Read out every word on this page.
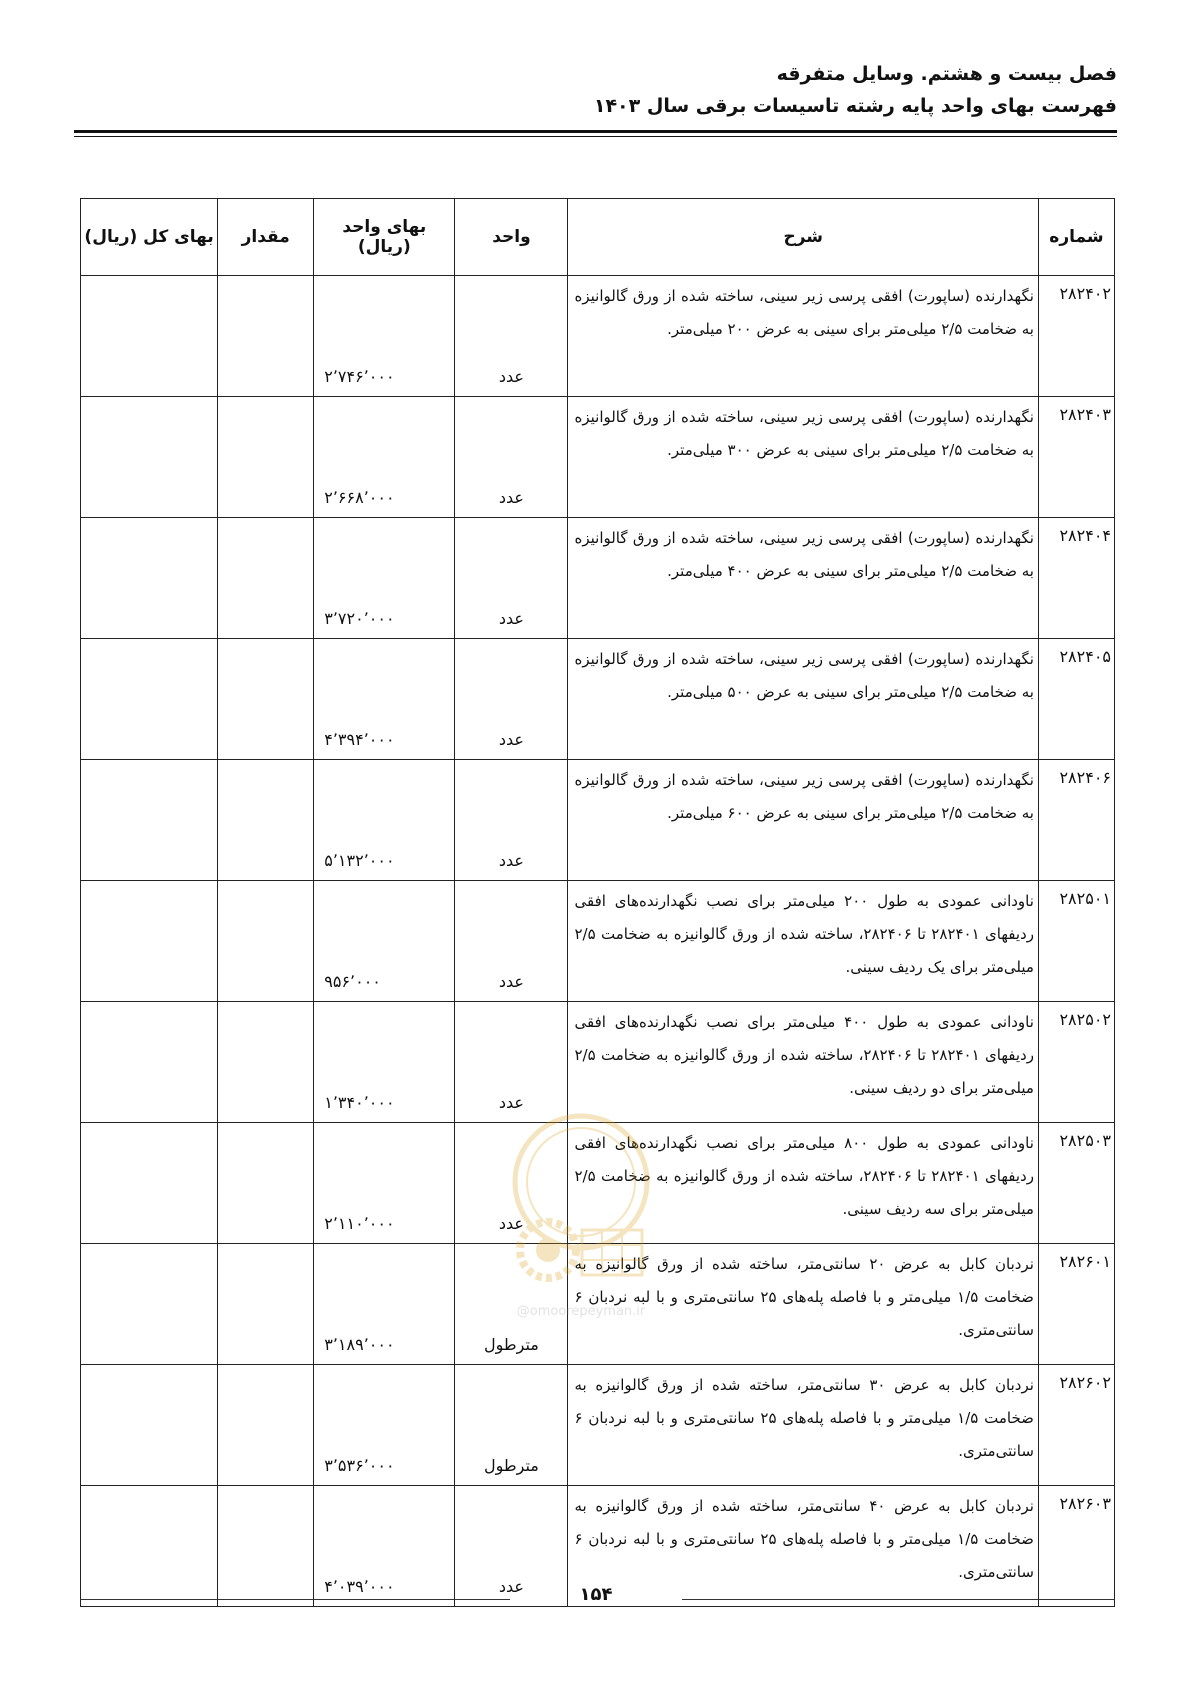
فصل بیست و هشتم. وسایل متفرقه
فهرست بهای واحد پایه رشته تاسیسات برقی سال ۱۴۰۳
شماره	شرح	واحد	بهای واحد (ریال)	مقدار	بهای کل (ریال)
۲۸۲۴۰۲	نگهدارنده (ساپورت) افقی پرسی زیر سینی، ساخته شده از ورق گالوانیزه به ضخامت ۲/۵ میلی‌متر برای سینی به عرض ۲۰۰ میلی‌متر.	عدد	۲٬۷۴۶٬۰۰۰		
۲۸۲۴۰۳	نگهدارنده (ساپورت) افقی پرسی زیر سینی، ساخته شده از ورق گالوانیزه به ضخامت ۲/۵ میلی‌متر برای سینی به عرض ۳۰۰ میلی‌متر.	عدد	۲٬۶۶۸٬۰۰۰		
۲۸۲۴۰۴	نگهدارنده (ساپورت) افقی پرسی زیر سینی، ساخته شده از ورق گالوانیزه به ضخامت ۲/۵ میلی‌متر برای سینی به عرض ۴۰۰ میلی‌متر.	عدد	۳٬۷۲۰٬۰۰۰		
۲۸۲۴۰۵	نگهدارنده (ساپورت) افقی پرسی زیر سینی، ساخته شده از ورق گالوانیزه به ضخامت ۲/۵ میلی‌متر برای سینی به عرض ۵۰۰ میلی‌متر.	عدد	۴٬۳۹۴٬۰۰۰		
۲۸۲۴۰۶	نگهدارنده (ساپورت) افقی پرسی زیر سینی، ساخته شده از ورق گالوانیزه به ضخامت ۲/۵ میلی‌متر برای سینی به عرض ۶۰۰ میلی‌متر.	عدد	۵٬۱۳۲٬۰۰۰		
۲۸۲۵۰۱	ناودانی عمودی به طول ۲۰۰ میلی‌متر برای نصب نگهدارنده‌های افقی ردیفهای ۲۸۲۴۰۱ تا ۲۸۲۴۰۶، ساخته شده از ورق گالوانیزه به ضخامت ۲/۵ میلی‌متر برای یک ردیف سینی.	عدد	۹۵۶٬۰۰۰		
۲۸۲۵۰۲	ناودانی عمودی به طول ۴۰۰ میلی‌متر برای نصب نگهدارنده‌های افقی ردیفهای ۲۸۲۴۰۱ تا ۲۸۲۴۰۶، ساخته شده از ورق گالوانیزه به ضخامت ۲/۵ میلی‌متر برای دو ردیف سینی.	عدد	۱٬۳۴۰٬۰۰۰		
۲۸۲۵۰۳	ناودانی عمودی به طول ۸۰۰ میلی‌متر برای نصب نگهدارنده‌های افقی ردیفهای ۲۸۲۴۰۱ تا ۲۸۲۴۰۶، ساخته شده از ورق گالوانیزه به ضخامت ۲/۵ میلی‌متر برای سه ردیف سینی.	عدد	۲٬۱۱۰٬۰۰۰		
۲۸۲۶۰۱	نردبان کابل به عرض ۲۰ سانتی‌متر، ساخته شده از ورق گالوانیزه به ضخامت ۱/۵ میلی‌متر و با فاصله پله‌های ۲۵ سانتی‌متری و با لبه نردبان ۶ سانتی‌متری.	مترطول	۳٬۱۸۹٬۰۰۰		
۲۸۲۶۰۲	نردبان کابل به عرض ۳۰ سانتی‌متر، ساخته شده از ورق گالوانیزه به ضخامت ۱/۵ میلی‌متر و با فاصله پله‌های ۲۵ سانتی‌متری و با لبه نردبان ۶ سانتی‌متری.	مترطول	۳٬۵۳۶٬۰۰۰		
۲۸۲۶۰۳	نردبان کابل به عرض ۴۰ سانتی‌متر، ساخته شده از ورق گالوانیزه به ضخامت ۱/۵ میلی‌متر و با فاصله پله‌های ۲۵ سانتی‌متری و با لبه نردبان ۶ سانتی‌متری.	عدد	۴٬۰۳۹٬۰۰۰		
@omoorepeyman.ir
۱۵۴
